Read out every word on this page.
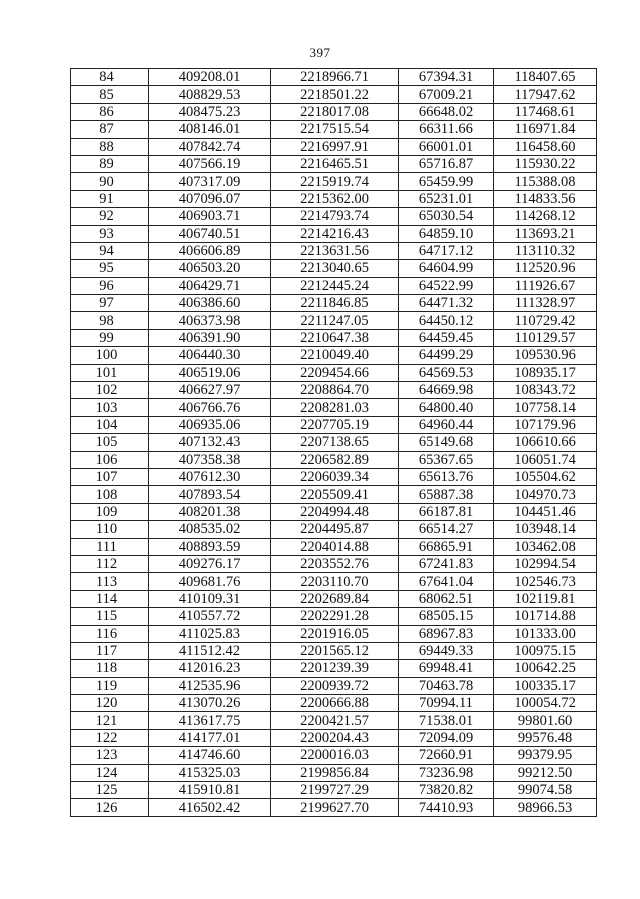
397
84	409208.01	2218966.71	67394.31	118407.65
85	408829.53	2218501.22	67009.21	117947.62
86	408475.23	2218017.08	66648.02	117468.61
87	408146.01	2217515.54	66311.66	116971.84
88	407842.74	2216997.91	66001.01	116458.60
89	407566.19	2216465.51	65716.87	115930.22
90	407317.09	2215919.74	65459.99	115388.08
91	407096.07	2215362.00	65231.01	114833.56
92	406903.71	2214793.74	65030.54	114268.12
93	406740.51	2214216.43	64859.10	113693.21
94	406606.89	2213631.56	64717.12	113110.32
95	406503.20	2213040.65	64604.99	112520.96
96	406429.71	2212445.24	64522.99	111926.67
97	406386.60	2211846.85	64471.32	111328.97
98	406373.98	2211247.05	64450.12	110729.42
99	406391.90	2210647.38	64459.45	110129.57
100	406440.30	2210049.40	64499.29	109530.96
101	406519.06	2209454.66	64569.53	108935.17
102	406627.97	2208864.70	64669.98	108343.72
103	406766.76	2208281.03	64800.40	107758.14
104	406935.06	2207705.19	64960.44	107179.96
105	407132.43	2207138.65	65149.68	106610.66
106	407358.38	2206582.89	65367.65	106051.74
107	407612.30	2206039.34	65613.76	105504.62
108	407893.54	2205509.41	65887.38	104970.73
109	408201.38	2204994.48	66187.81	104451.46
110	408535.02	2204495.87	66514.27	103948.14
111	408893.59	2204014.88	66865.91	103462.08
112	409276.17	2203552.76	67241.83	102994.54
113	409681.76	2203110.70	67641.04	102546.73
114	410109.31	2202689.84	68062.51	102119.81
115	410557.72	2202291.28	68505.15	101714.88
116	411025.83	2201916.05	68967.83	101333.00
117	411512.42	2201565.12	69449.33	100975.15
118	412016.23	2201239.39	69948.41	100642.25
119	412535.96	2200939.72	70463.78	100335.17
120	413070.26	2200666.88	70994.11	100054.72
121	413617.75	2200421.57	71538.01	99801.60
122	414177.01	2200204.43	72094.09	99576.48
123	414746.60	2200016.03	72660.91	99379.95
124	415325.03	2199856.84	73236.98	99212.50
125	415910.81	2199727.29	73820.82	99074.58
126	416502.42	2199627.70	74410.93	98966.53
